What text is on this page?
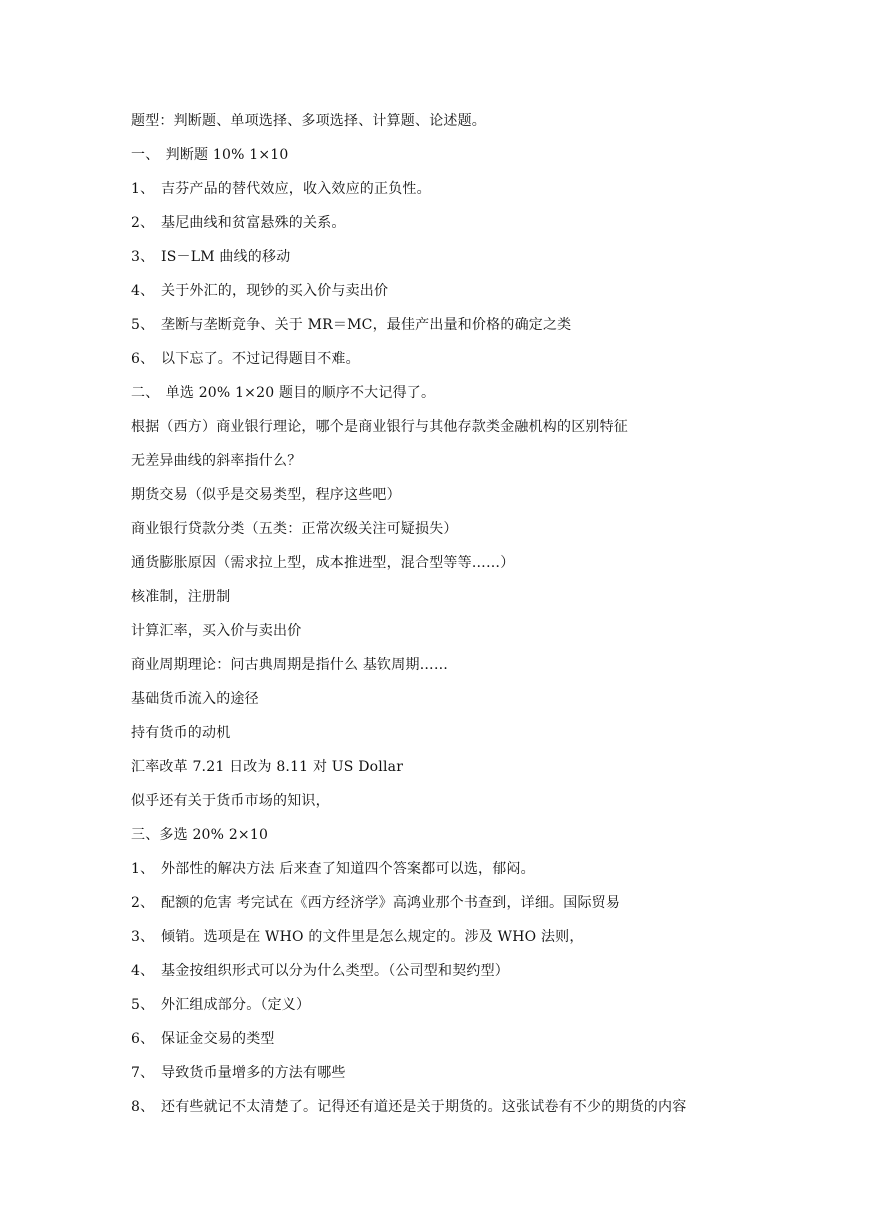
题型：判断题、单项选择、多项选择、计算题、论述题。
一、 判断题 10% 1×10
1、 吉芬产品的替代效应，收入效应的正负性。
2、 基尼曲线和贫富悬殊的关系。
3、 IS－LM 曲线的移动
4、 关于外汇的，现钞的买入价与卖出价
5、 垄断与垄断竞争、关于 MR＝MC，最佳产出量和价格的确定之类
6、 以下忘了。不过记得题目不难。
二、 单选 20% 1×20 题目的顺序不大记得了。
根据（西方）商业银行理论，哪个是商业银行与其他存款类金融机构的区别特征
无差异曲线的斜率指什么？
期货交易（似乎是交易类型，程序这些吧）
商业银行贷款分类（五类：正常次级关注可疑损失）
通货膨胀原因（需求拉上型，成本推进型，混合型等等……）
核准制，注册制
计算汇率，买入价与卖出价
商业周期理论：问古典周期是指什么 基钦周期……
基础货币流入的途径
持有货币的动机
汇率改革 7.21 日改为 8.11 对 US Dollar
似乎还有关于货币市场的知识，
三、多选 20% 2×10
1、 外部性的解决方法 后来查了知道四个答案都可以选，郁闷。
2、 配额的危害 考完试在《西方经济学》高鸿业那个书查到，详细。国际贸易
3、 倾销。选项是在 WHO 的文件里是怎么规定的。涉及 WHO 法则，
4、 基金按组织形式可以分为什么类型。（公司型和契约型）
5、 外汇组成部分。（定义）
6、 保证金交易的类型
7、 导致货币量增多的方法有哪些
8、 还有些就记不太清楚了。记得还有道还是关于期货的。这张试卷有不少的期货的内容
